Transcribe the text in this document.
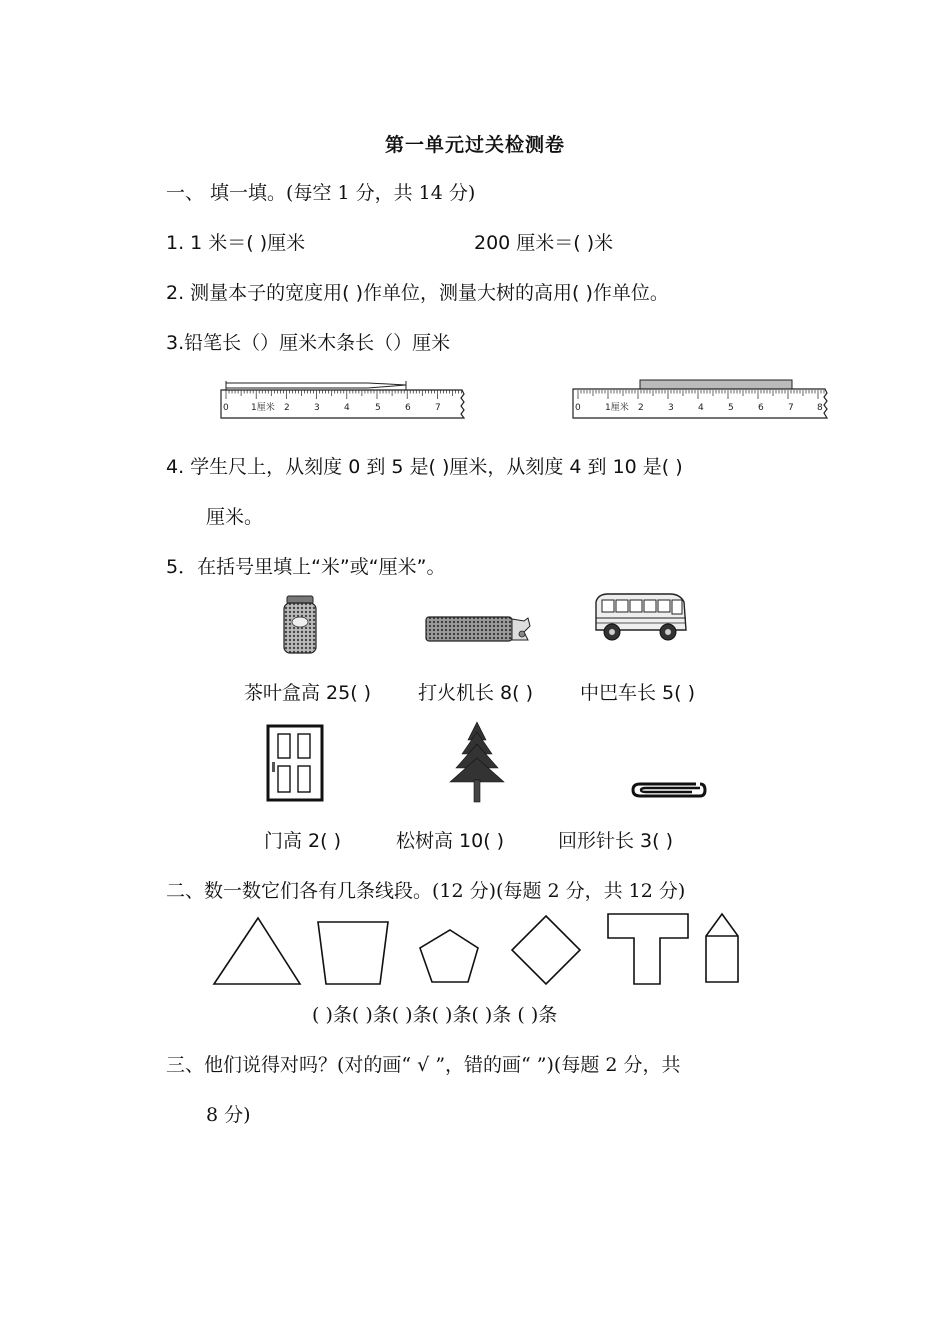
第一单元过关检测卷
一、 填一填。(每空 1 分，共 14 分)
1. 1 米＝( )厘米	200 厘米＝( )米
2. 测量本子的宽度用( )作单位，测量大树的高用( )作单位。
3.铅笔长（）厘米木条长（）厘米
0 1厘米 2	3	4	5	6	7	0	1厘米 2	3	4	5	6	7	8
4. 学生尺上，从刻度 0 到 5 是( )厘米，从刻度 4 到 10 是( )
厘米。
5．在括号里填上“米”或“厘米”。
茶叶盒高 25( ) 打火机长 8( ) 中巴车长 5( )
门高 2( )	松树高 10( )	回形针长 3( )
二、数一数它们各有几条线段。(12 分)(每题 2 分，共 12 分)
( )条( )条( )条( )条( )条 ( )条
三、他们说得对吗？(对的画“ √ ”，错的画“ ”)(每题 2 分，共
8 分)
